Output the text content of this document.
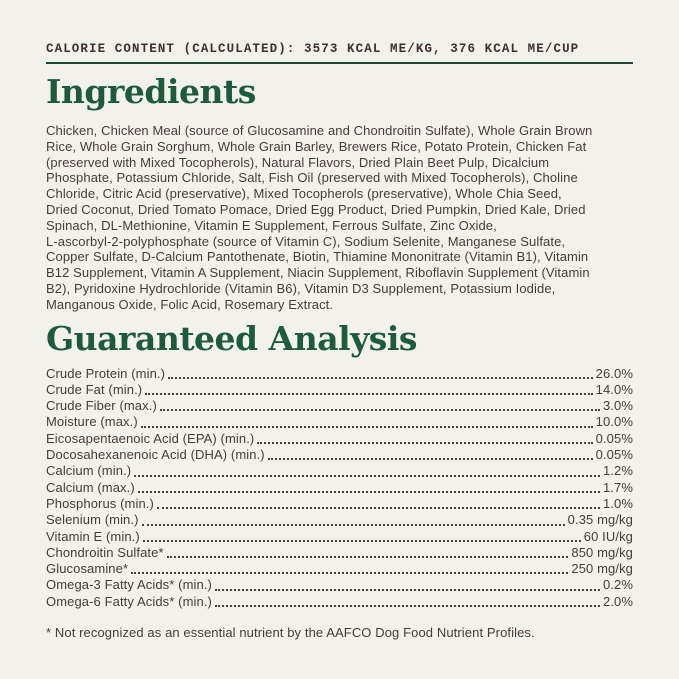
CALORIE CONTENT (CALCULATED): 3573 KCAL ME/KG, 376 KCAL ME/CUP
Ingredients
Chicken, Chicken Meal (source of Glucosamine and Chondroitin Sulfate), Whole Grain Brown
Rice, Whole Grain Sorghum, Whole Grain Barley, Brewers Rice, Potato Protein, Chicken Fat
(preserved with Mixed Tocopherols), Natural Flavors, Dried Plain Beet Pulp, Dicalcium
Phosphate, Potassium Chloride, Salt, Fish Oil (preserved with Mixed Tocopherols), Choline
Chloride, Citric Acid (preservative), Mixed Tocopherols (preservative), Whole Chia Seed,
Dried Coconut, Dried Tomato Pomace, Dried Egg Product, Dried Pumpkin, Dried Kale, Dried
Spinach, DL-Methionine, Vitamin E Supplement, Ferrous Sulfate, Zinc Oxide,
L-ascorbyl-2-polyphosphate (source of Vitamin C), Sodium Selenite, Manganese Sulfate,
Copper Sulfate, D-Calcium Pantothenate, Biotin, Thiamine Mononitrate (Vitamin B1), Vitamin
B12 Supplement, Vitamin A Supplement, Niacin Supplement, Riboflavin Supplement (Vitamin
B2), Pyridoxine Hydrochloride (Vitamin B6), Vitamin D3 Supplement, Potassium Iodide,
Manganous Oxide, Folic Acid, Rosemary Extract.
Guaranteed Analysis
Crude Protein (min.)	26.0%
Crude Fat (min.)	14.0%
Crude Fiber (max.)	3.0%
Moisture (max.)	10.0%
Eicosapentaenoic Acid (EPA) (min.)	0.05%
Docosahexanenoic Acid (DHA) (min.)	0.05%
Calcium (min.)	1.2%
Calcium (max.)	1.7%
Phosphorus (min.)	1.0%
Selenium (min.)	0.35 mg/kg
Vitamin E (min.)	60 IU/kg
Chondroitin Sulfate*	850 mg/kg
Glucosamine*	250 mg/kg
Omega-3 Fatty Acids* (min.)	0.2%
Omega-6 Fatty Acids* (min.)	2.0%
* Not recognized as an essential nutrient by the AAFCO Dog Food Nutrient Profiles.
